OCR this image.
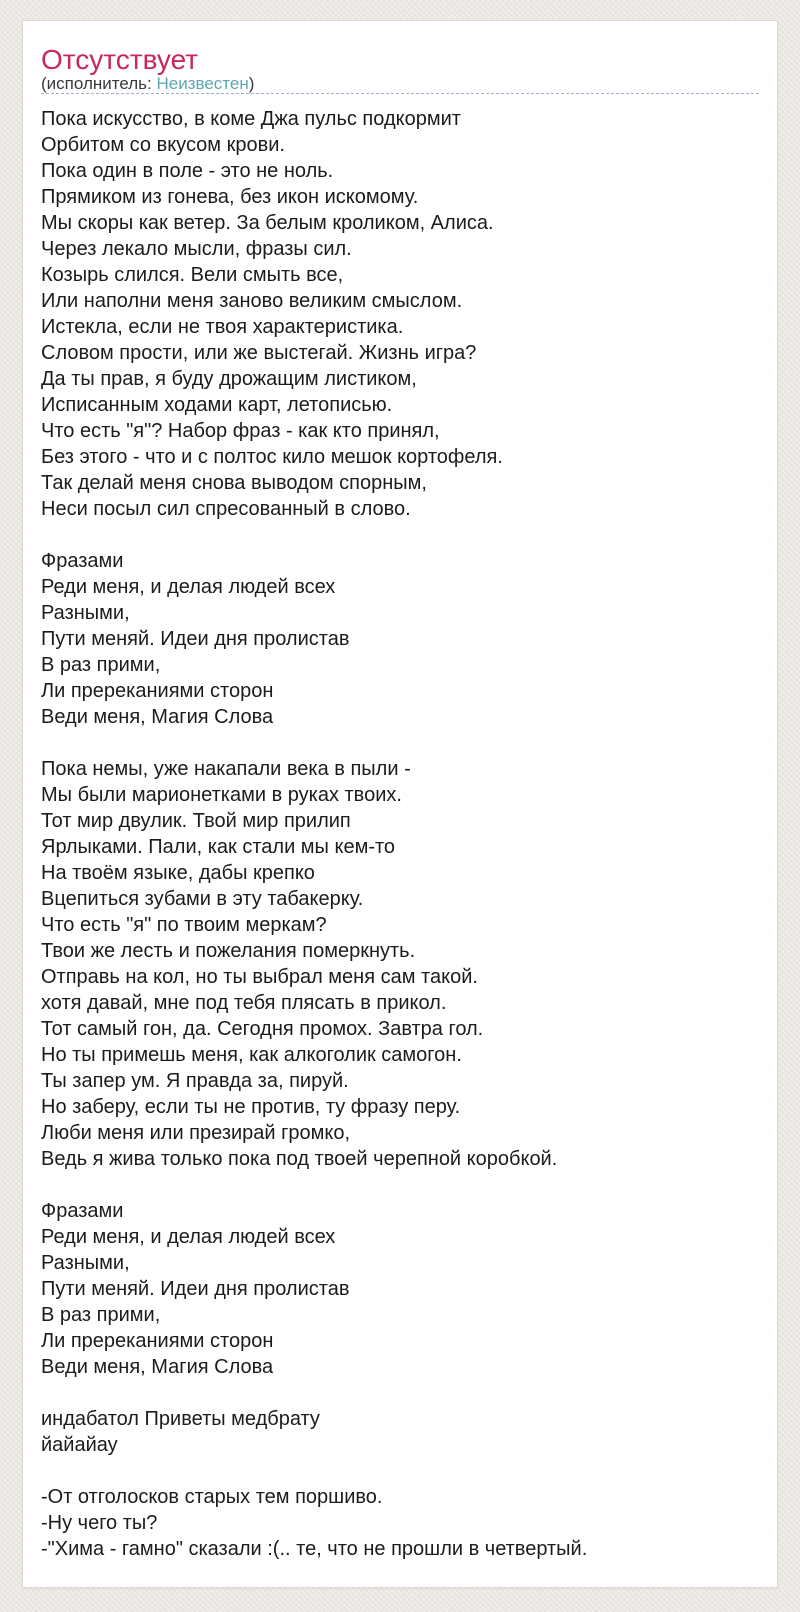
Отсутствует
(исполнитель: Неизвестен)
Пока искусство, в коме Джа пульс подкормит
Орбитом со вкусом крови.
Пока один в поле - это не ноль.
Прямиком из гонева, без икон искомому.
Мы скоры как ветер. За белым кроликом, Алиса.
Через лекало мысли, фразы сил.
Козырь слился. Вели смыть все,
Или наполни меня заново великим смыслом.
Истекла, если не твоя характеристика.
Словом прости, или же выстегай. Жизнь игра?
Да ты прав, я буду дрожащим листиком,
Исписанным ходами карт, летописью.
Что есть "я"? Набор фраз - как кто принял,
Без этого - что и с полтос кило мешок кортофеля.
Так делай меня снова выводом спорным,
Неси посыл сил спресованный в слово.
Фразами
Реди меня, и делая людей всех
Разными,
Пути меняй. Идеи дня пролистав
В раз прими,
Ли пререканиями сторон
Веди меня, Магия Слова
Пока немы, уже накапали века в пыли -
Мы были марионетками в руках твоих.
Тот мир двулик. Твой мир прилип
Ярлыками. Пали, как стали мы кем-то
На твоём языке, дабы крепко
Вцепиться зубами в эту табакерку.
Что есть "я" по твоим меркам?
Твои же лесть и пожелания померкнуть.
Отправь на кол, но ты выбрал меня сам такой.
хотя давай, мне под тебя плясать в прикол.
Тот самый гон, да. Сегодня промох. Завтра гол.
Но ты примешь меня, как алкоголик самогон.
Ты запер ум. Я правда за, пируй.
Но заберу, если ты не против, ту фразу перу.
Люби меня или презирай громко,
Ведь я жива только пока под твоей черепной коробкой.
Фразами
Реди меня, и делая людей всех
Разными,
Пути меняй. Идеи дня пролистав
В раз прими,
Ли пререканиями сторон
Веди меня, Магия Слова
индабатол Приветы медбрату
йайайау
-От отголосков старых тем поршиво.
-Ну чего ты?
-"Хима - гамно" сказали :(.. те, что не прошли в четвертый.
